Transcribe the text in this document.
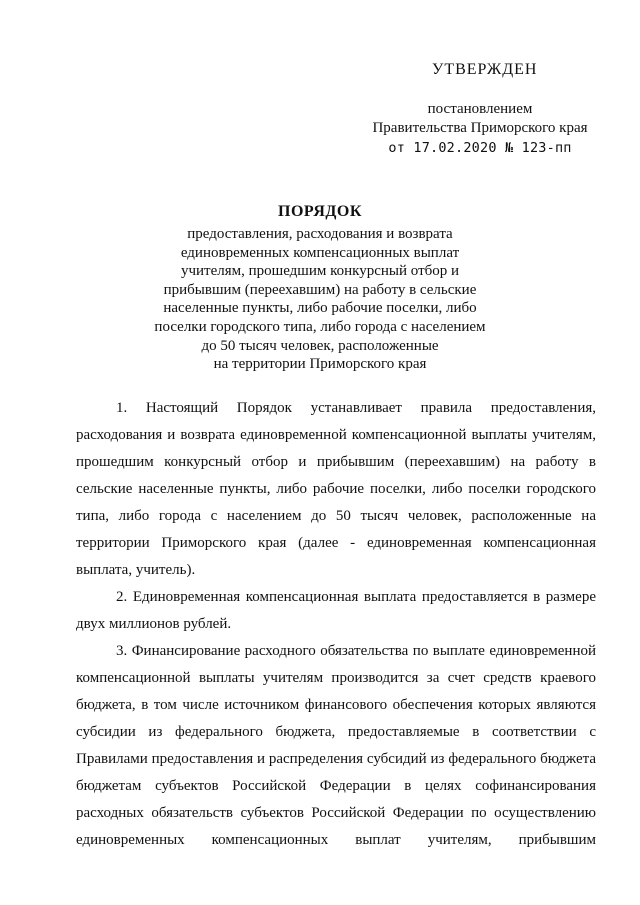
УТВЕРЖДЕН
постановлением
Правительства Приморского края
от 17.02.2020 № 123-пп
ПОРЯДОК
предоставления, расходования и возврата
единовременных компенсационных выплат
учителям, прошедшим конкурсный отбор и
прибывшим (переехавшим) на работу в сельские
населенные пункты, либо рабочие поселки, либо
поселки городского типа, либо города с населением
до 50 тысяч человек, расположенные
на территории Приморского края
1. Настоящий Порядок устанавливает правила предоставления,
расходования и возврата единовременной компенсационной выплаты учителям,
прошедшим конкурсный отбор и прибывшим (переехавшим) на работу в
сельские населенные пункты, либо рабочие поселки, либо поселки городского
типа, либо города с населением до 50 тысяч человек, расположенные на
территории Приморского края (далее - единовременная компенсационная
выплата, учитель).
2. Единовременная компенсационная выплата предоставляется в размере
двух миллионов рублей.
3. Финансирование расходного обязательства по выплате единовременной
компенсационной выплаты учителям производится за счет средств краевого
бюджета, в том числе источником финансового обеспечения которых являются
субсидии из федерального бюджета, предоставляемые в соответствии с
Правилами предоставления и распределения субсидий из федерального бюджета
бюджетам субъектов Российской Федерации в целях софинансирования
расходных обязательств субъектов Российской Федерации по осуществлению
единовременных компенсационных выплат учителям, прибывшим
